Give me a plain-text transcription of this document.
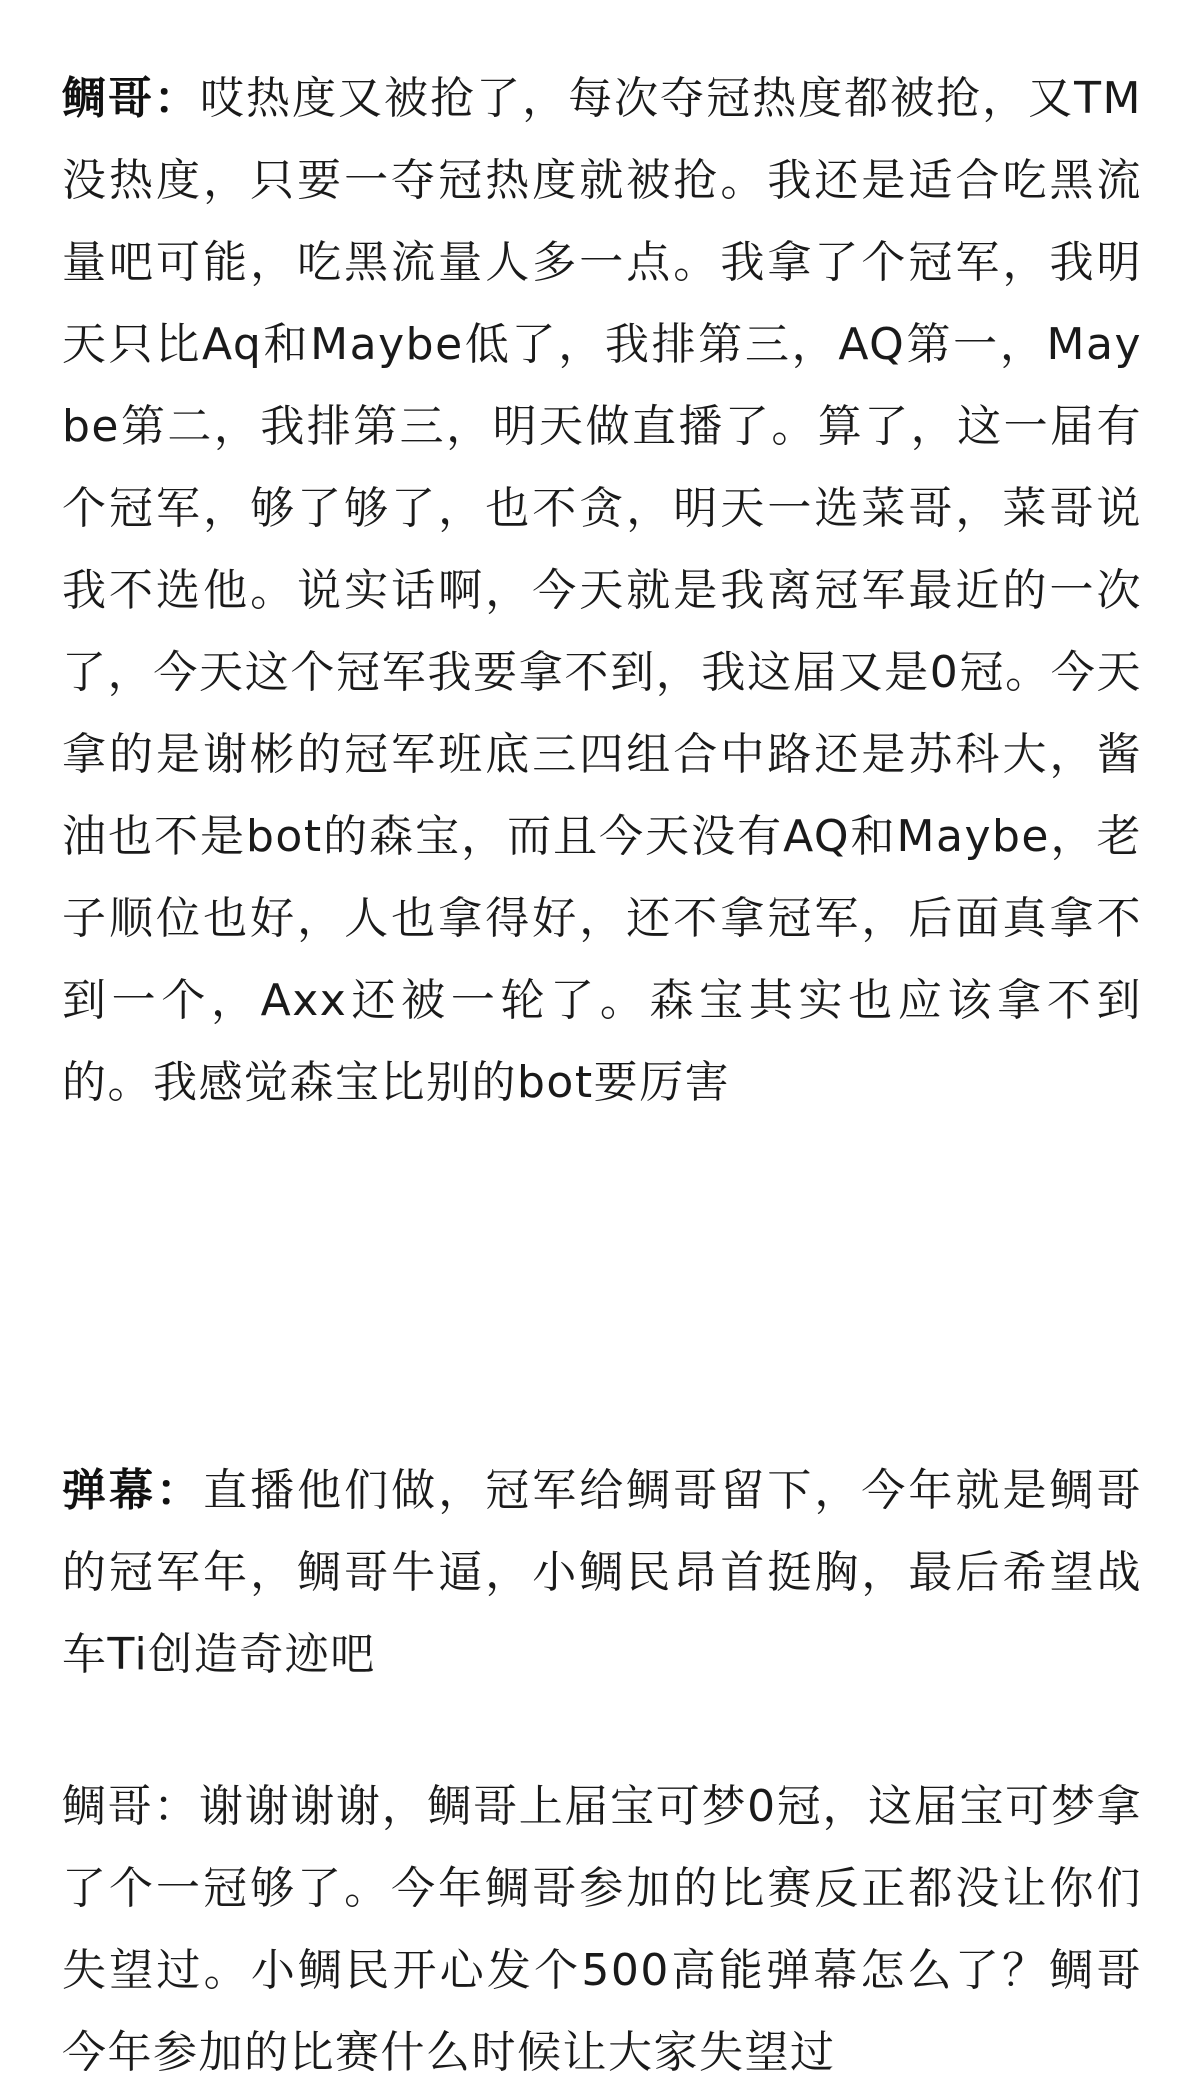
鲷哥：哎热度又被抢了，每次夺冠热度都被抢，又TM没热度，只要一夺冠热度就被抢。我还是适合吃黑流量吧可能，吃黑流量人多一点。我拿了个冠军，我明天只比Aq和Maybe低了，我排第三，AQ第一，Maybe第二，我排第三，明天做直播了。算了，这一届有个冠军，够了够了，也不贪，明天一选菜哥，菜哥说我不选他。说实话啊，今天就是我离冠军最近的一次了，今天这个冠军我要拿不到，我这届又是0冠。今天拿的是谢彬的冠军班底三四组合中路还是苏科大，酱油也不是bot的森宝，而且今天没有AQ和Maybe，老子顺位也好，人也拿得好，还不拿冠军，后面真拿不到一个，Axx还被一轮了。森宝其实也应该拿不到的。我感觉森宝比别的bot要厉害

弹幕：直播他们做，冠军给鲷哥留下，今年就是鲷哥的冠军年，鲷哥牛逼，小鲷民昂首挺胸，最后希望战车Ti创造奇迹吧

鲷哥：谢谢谢谢，鲷哥上届宝可梦0冠，这届宝可梦拿了个一冠够了。今年鲷哥参加的比赛反正都没让你们失望过。小鲷民开心发个500高能弹幕怎么了？鲷哥今年参加的比赛什么时候让大家失望过
